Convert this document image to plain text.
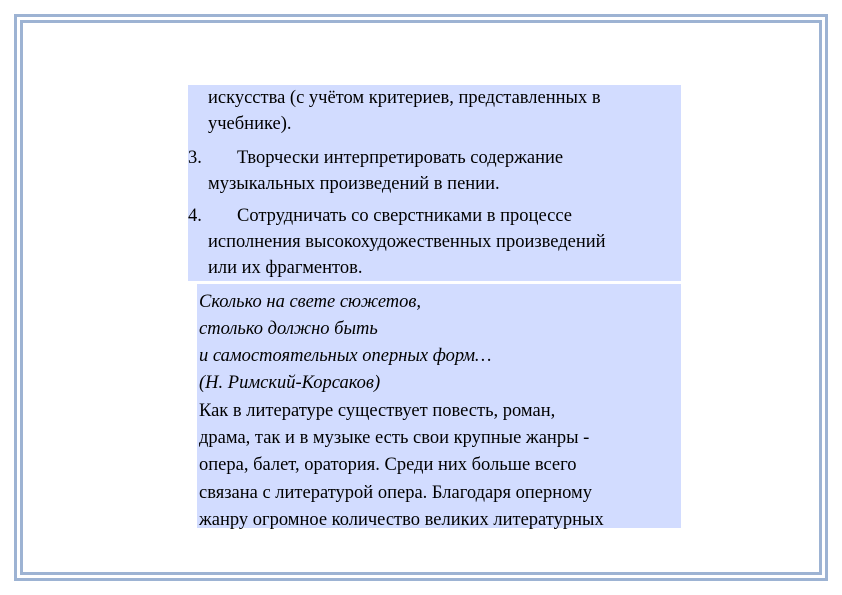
искусства (с учётом критериев, представленных в
учебнике).
3. Творчески интерпретировать содержание
музыкальных произведений в пении.
4. Сотрудничать со сверстниками в процессе
исполнения высокохудожественных произведений
или их фрагментов.
Сколько на свете сюжетов,
столько должно быть
и самостоятельных оперных форм…
(Н. Римский-Корсаков)
Как в литературе существует повесть, роман,
драма, так и в музыке есть свои крупные жанры -
опера, балет, оратория. Среди них больше всего
связана с литературой опера. Благодаря оперному
жанру огромное количество великих литературных
